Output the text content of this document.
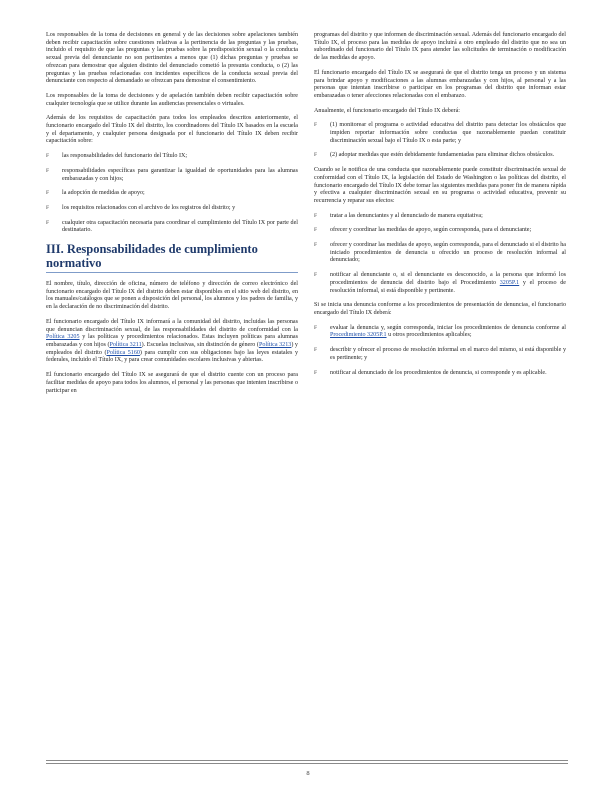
Los responsables de la toma de decisiones en general y de las decisiones sobre apelaciones también deben recibir capacitación sobre cuestiones relativas a la pertinencia de las preguntas y las pruebas, incluido el requisito de que las preguntas y las pruebas sobre la predisposición sexual o la conducta sexual previa del denunciante no son pertinentes a menos que (1) dichas preguntas y pruebas se ofrezcan para demostrar que alguien distinto del denunciado cometió la presunta conducta, o (2) las preguntas y las pruebas relacionadas con incidentes específicos de la conducta sexual previa del denunciante con respecto al demandado se ofrezcan para demostrar el consentimiento.

Los responsables de la toma de decisiones y de apelación también deben recibir capacitación sobre cualquier tecnología que se utilice durante las audiencias presenciales o virtuales.

Además de los requisitos de capacitación para todos los empleados descritos anteriormente, el funcionario encargado del Título IX del distrito, los coordinadores del Título IX basados en la escuela y el departamento, y cualquier persona designada por el funcionario del Título IX deben recibir capacitación sobre:

F las responsabilidades del funcionario del Título IX;
F responsabilidades específicas para garantizar la igualdad de oportunidades para las alumnas embarazadas y con hijos;
F la adopción de medidas de apoyo;
F los requisitos relacionados con el archivo de los registros del distrito; y
F cualquier otra capacitación necesaria para coordinar el cumplimiento del Título IX por parte del destinatario.
III. Responsabilidades de cumplimiento normativo

El nombre, título, dirección de oficina, número de teléfono y dirección de correo electrónico del funcionario encargado del Título IX del distrito deben estar disponibles en el sitio web del distrito, en los manuales/catálogos que se ponen a disposición del personal, los alumnos y los padres de familia, y en la declaración de no discriminación del distrito.

El funcionario encargado del Título IX informará a la comunidad del distrito, incluidas las personas que denuncian discriminación sexual, de las responsabilidades del distrito de conformidad con la Política 3205 y las políticas y procedimientos relacionados. Estas incluyen políticas para alumnas embarazadas y con hijos (Política 3211). Escuelas inclusivas, sin distinción de género (Política 3213) y empleados del distrito (Política 5160) para cumplir con sus obligaciones bajo las leyes estatales y federales, incluido el Título IX, y para crear comunidades escolares inclusivas y abiertas.

El funcionario encargado del Título IX se asegurará de que el distrito cuente con un proceso para facilitar medidas de apoyo para todos los alumnos, el personal y las personas que intenten inscribirse o participar en

programas del distrito y que informen de discriminación sexual. Además del funcionario encargado del Título IX, el proceso para las medidas de apoyo incluirá a otro empleado del distrito que no sea un subordinado del funcionario del Título IX para atender las solicitudes de terminación o modificación de las medidas de apoyo.

El funcionario encargado del Título IX se asegurará de que el distrito tenga un proceso y un sistema para brindar apoyo y modificaciones a las alumnas embarazadas y con hijos, al personal y a las personas que intentan inscribirse o participar en los programas del distrito que informan estar embarazadas o tener afecciones relacionadas con el embarazo.

Anualmente, el funcionario encargado del Título IX deberá:

F (1) monitorear el programa o actividad educativa del distrito para detectar los obstáculos que impiden reportar información sobre conductas que razonablemente puedan constituir discriminación sexual bajo el Título IX o esta parte; y
F (2) adoptar medidas que estén debidamente fundamentadas para eliminar dichos obstáculos.

Cuando se le notifica de una conducta que razonablemente puede constituir discriminación sexual de conformidad con el Título IX, la legislación del Estado de Washington o las políticas del distrito, el funcionario encargado del Título IX debe tomar las siguientes medidas para poner fin de manera rápida y efectiva a cualquier discriminación sexual en su programa o actividad educativa, prevenir su recurrencia y reparar sus efectos:

F tratar a las denunciantes y al denunciado de manera equitativa;
F ofrecer y coordinar las medidas de apoyo, según corresponda, para el denunciante;
F ofrecer y coordinar las medidas de apoyo, según corresponda, para el denunciado si el distrito ha iniciado procedimientos de denuncia u ofrecido un proceso de resolución informal al denunciado;
F notificar al denunciante o, si el denunciante es desconocido, a la persona que informó los procedimientos de denuncia del distrito bajo el Procedimiento 3205P.1 y el proceso de resolución informal, si está disponible y pertinente.

Si se inicia una denuncia conforme a los procedimientos de presentación de denuncias, el funcionario encargado del Título IX deberá:

F evaluar la denuncia y, según corresponda, iniciar los procedimientos de denuncia conforme al Procedimiento 3205P.1 u otros procedimientos aplicables;
F describir y ofrecer el proceso de resolución informal en el marco del mismo, si está disponible y es pertinente; y
F notificar al denunciado de los procedimientos de denuncia, si corresponde y es aplicable.
8
